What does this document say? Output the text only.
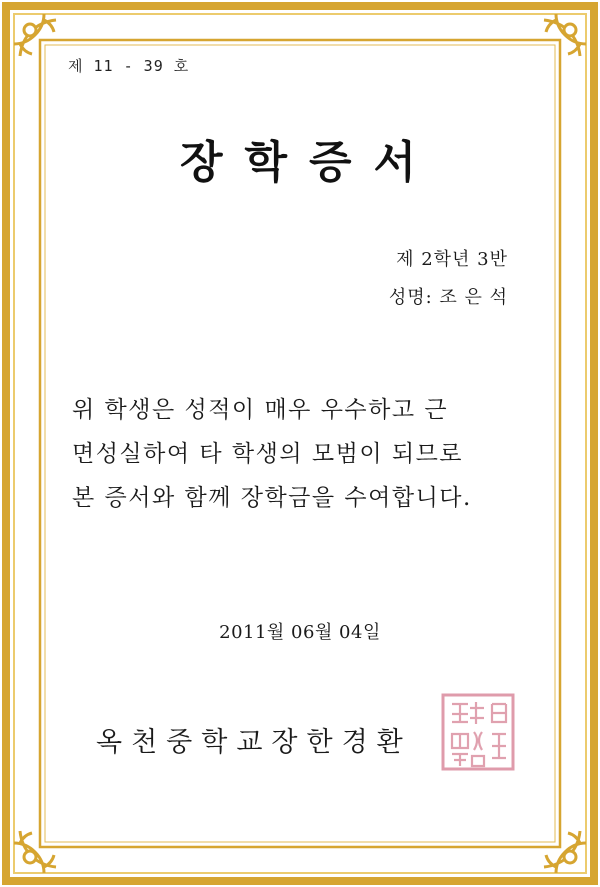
제 11 - 39 호
장학증서
제 2학년 3반
성명: 조 은 석
위 학생은 성적이 매우 우수하고 근
면성실하여 타 학생의 모범이 되므로
본 증서와 함께 장학금을 수여합니다.
2011월 06월 04일
옥천중학교장한경환
